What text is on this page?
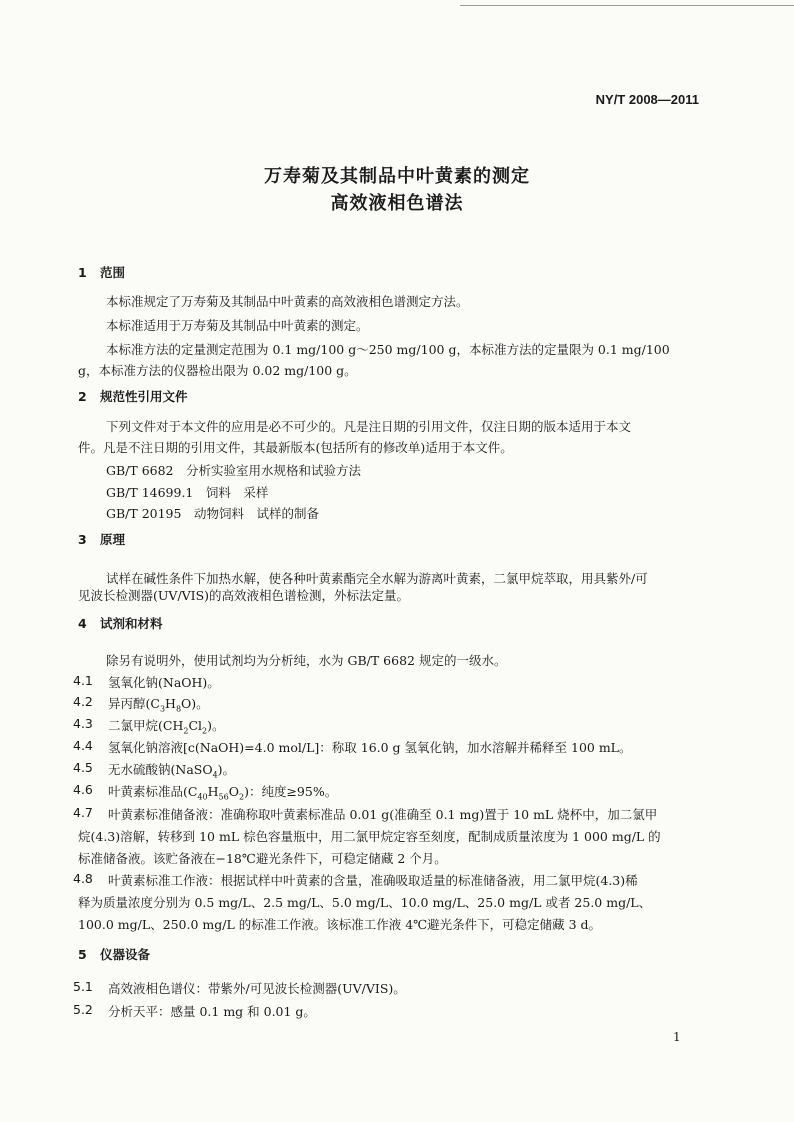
NY/T 2008—2011
万寿菊及其制品中叶黄素的测定
高效液相色谱法
1 范围
本标准规定了万寿菊及其制品中叶黄素的高效液相色谱测定方法。
本标准适用于万寿菊及其制品中叶黄素的测定。
本标准方法的定量测定范围为 0.1 mg/100 g～250 mg/100 g，本标准方法的定量限为 0.1 mg/100
g，本标准方法的仪器检出限为 0.02 mg/100 g。
2 规范性引用文件
下列文件对于本文件的应用是必不可少的。凡是注日期的引用文件，仅注日期的版本适用于本文
件。凡是不注日期的引用文件，其最新版本(包括所有的修改单)适用于本文件。
GB/T 6682　分析实验室用水规格和试验方法
GB/T 14699.1　饲料　采样
GB/T 20195　动物饲料　试样的制备
3 原理
试样在碱性条件下加热水解，使各种叶黄素酯完全水解为游离叶黄素，二氯甲烷萃取，用具紫外/可
见波长检测器(UV/VIS)的高效液相色谱检测，外标法定量。
4 试剂和材料
除另有说明外，使用试剂均为分析纯，水为 GB/T 6682 规定的一级水。
4.1 氢氧化钠(NaOH)。
4.2 异丙醇$(C_3H_8O)$。
4.3 二氯甲烷$(CH_2Cl_2)$。
4.4 氢氧化钠溶液[c(NaOH)=4.0 mol/L]：称取 16.0 g 氢氧化钠，加水溶解并稀释至 100 mL。
4.5 无水硫酸钠(NaSO$_4$)。
4.6 叶黄素标准品$(C_{40}H_{56}O_2)$：纯度≥95%。
4.7 叶黄素标准储备液：准确称取叶黄素标准品 0.01 g(准确至 0.1 mg)置于 10 mL 烧杯中，加二氯甲
烷(4.3)溶解，转移到 10 mL 棕色容量瓶中，用二氯甲烷定容至刻度，配制成质量浓度为 1 000 mg/L 的
标准储备液。该贮备液在−18℃避光条件下，可稳定储藏 2 个月。
4.8 叶黄素标准工作液：根据试样中叶黄素的含量，准确吸取适量的标准储备液，用二氯甲烷(4.3)稀
释为质量浓度分别为 0.5 mg/L、2.5 mg/L、5.0 mg/L、10.0 mg/L、25.0 mg/L 或者 25.0 mg/L、
100.0 mg/L、250.0 mg/L 的标准工作液。该标准工作液 4℃避光条件下，可稳定储藏 3 d。
5 仪器设备
5.1 高效液相色谱仪：带紫外/可见波长检测器(UV/VIS)。
5.2 分析天平：感量 0.1 mg 和 0.01 g。
1
